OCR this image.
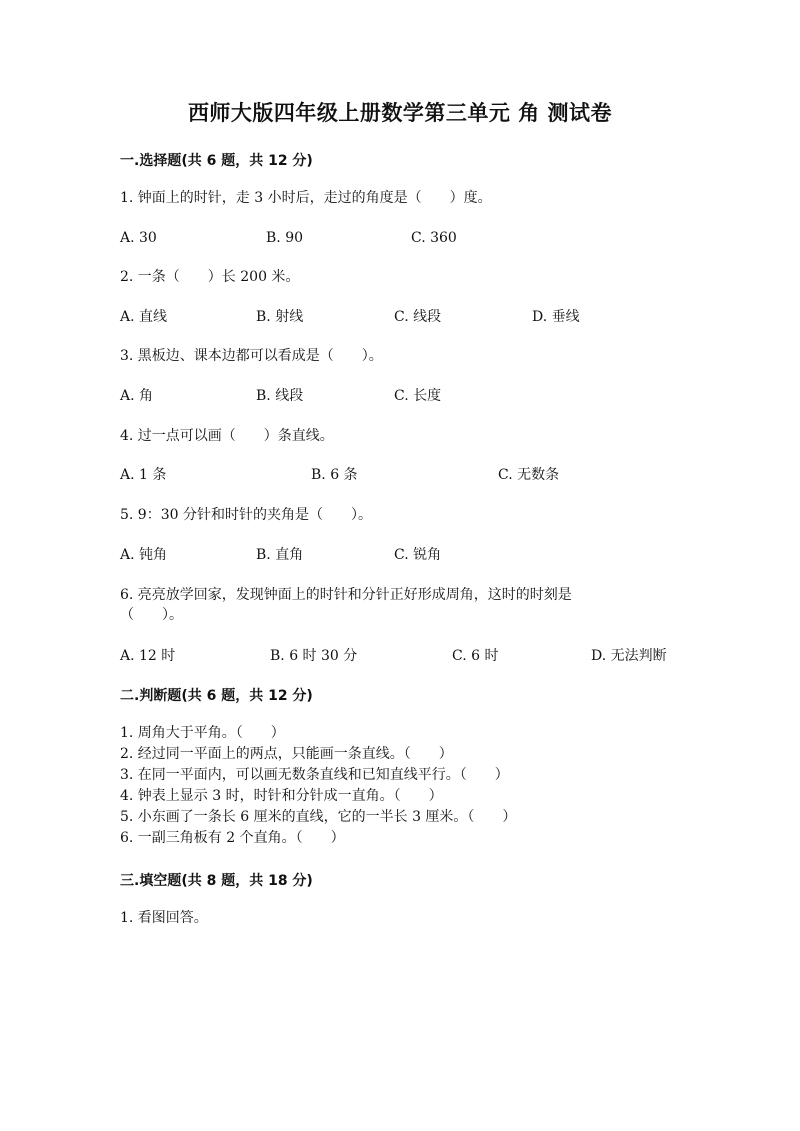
西师大版四年级上册数学第三单元 角 测试卷
一.选择题(共 6 题，共 12 分)
1. 钟面上的时针，走 3 小时后，走过的角度是（　　）度。
A. 30	B. 90	C. 360
2. 一条（　　）长 200 米。
A. 直线	B. 射线	C. 线段	D. 垂线
3. 黑板边、课本边都可以看成是（　　）。
A. 角	B. 线段	C. 长度
4. 过一点可以画（　　）条直线。
A. 1 条	B. 6 条	C. 无数条
5. 9：30 分针和时针的夹角是（　　）。
A. 钝角	B. 直角	C. 锐角
6. 亮亮放学回家，发现钟面上的时针和分针正好形成周角，这时的时刻是
（　　）。
A. 12 时	B. 6 时 30 分	C. 6 时	D. 无法判断
二.判断题(共 6 题，共 12 分)
1. 周角大于平角。（　　）
2. 经过同一平面上的两点，只能画一条直线。（　　）
3. 在同一平面内，可以画无数条直线和已知直线平行。（　　）
4. 钟表上显示 3 时，时针和分针成一直角。（　　）
5. 小东画了一条长 6 厘米的直线，它的一半长 3 厘米。（　　）
6. 一副三角板有 2 个直角。（　　）
三.填空题(共 8 题，共 18 分)
1. 看图回答。
